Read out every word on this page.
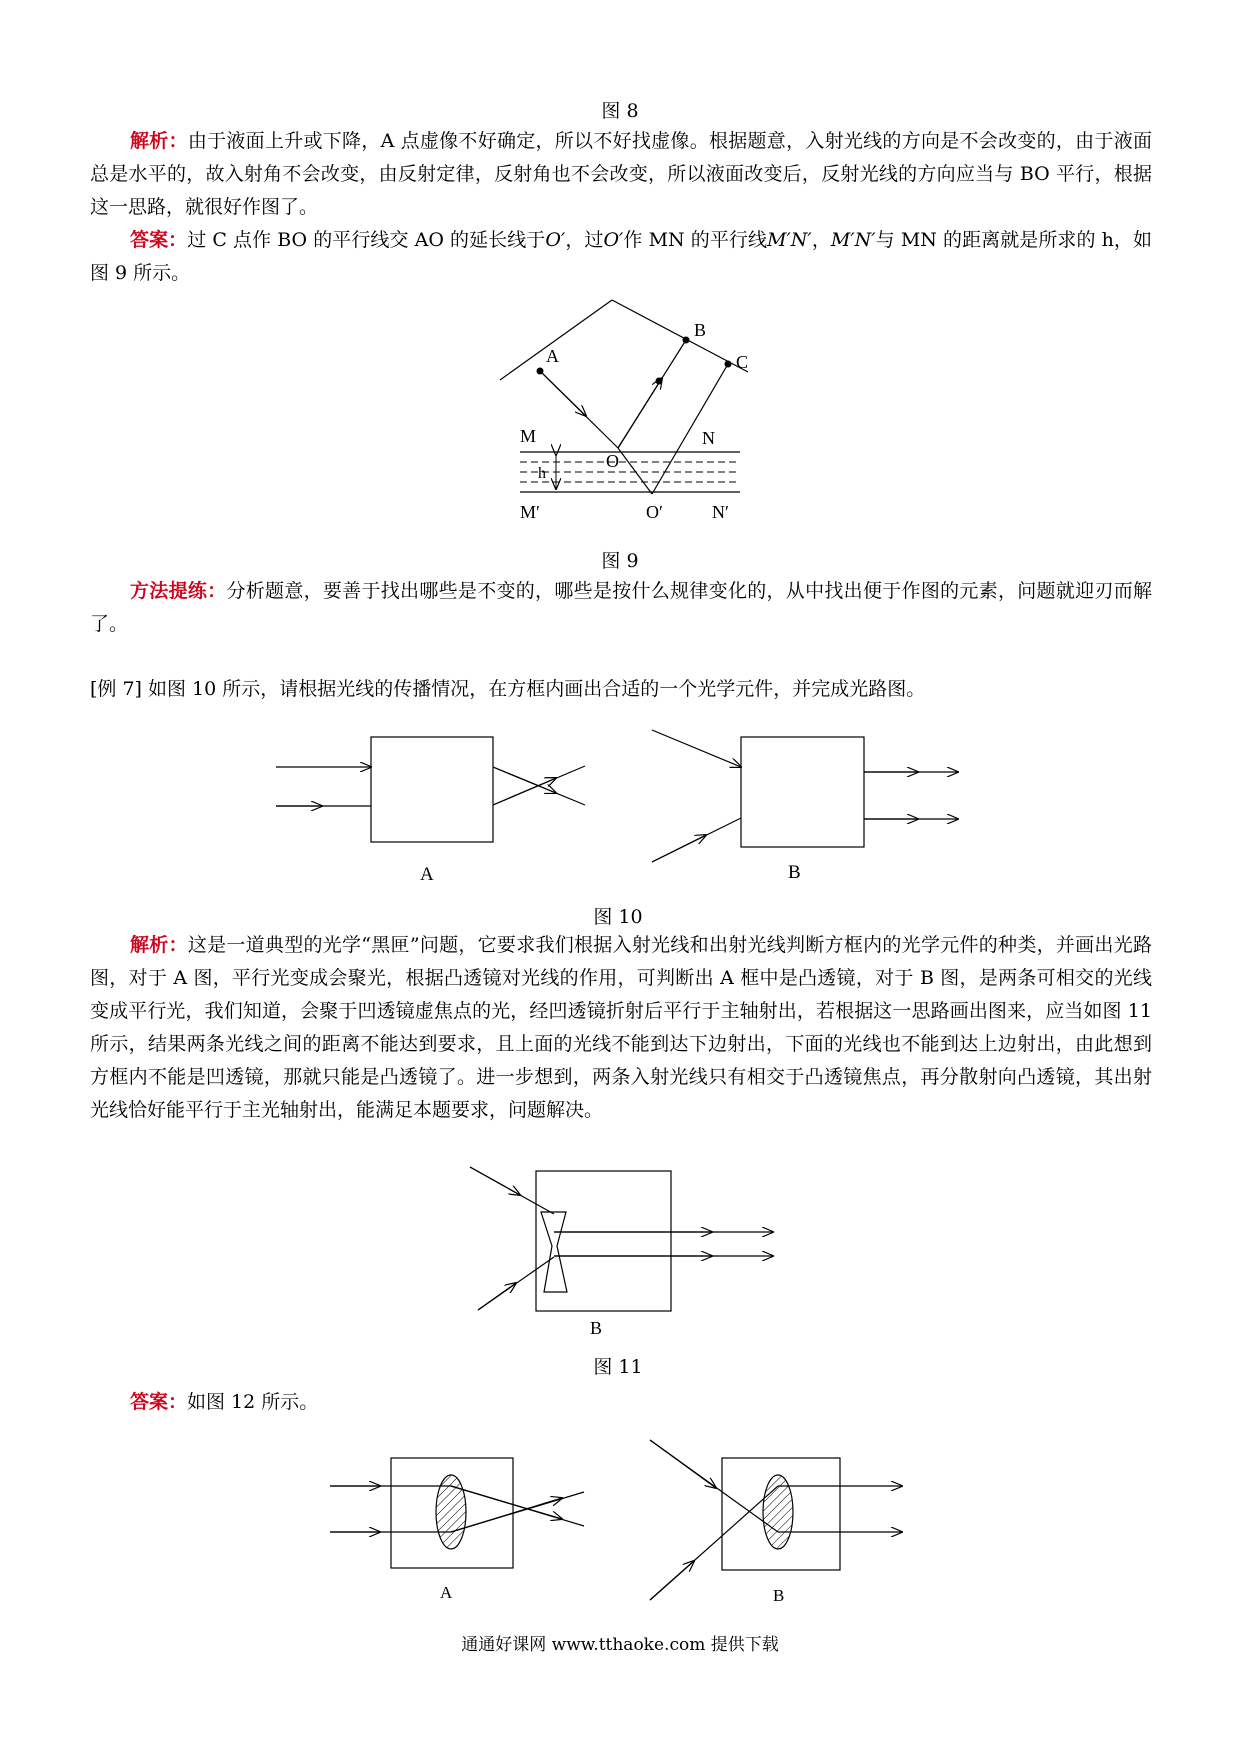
图 8
解析：由于液面上升或下降，A 点虚像不好确定，所以不好找虚像。根据题意，入射光线的方向是不会改变的，由于液面总是水平的，故入射角不会改变，由反射定律，反射角也不会改变，所以液面改变后，反射光线的方向应当与 BO 平行，根据这一思路，就很好作图了。
答案：过 C 点作 BO 的平行线交 AO 的延长线于O′，过O′作 MN 的平行线M′N′，M′N′与 MN 的距离就是所求的 h，如图 9 所示。
A
B
C
M	N
O
h
M′	O′	N′
图 9
方法提练：分析题意，要善于找出哪些是不变的，哪些是按什么规律变化的，从中找出便于作图的元素，问题就迎刃而解了。
[例 7] 如图 10 所示，请根据光线的传播情况，在方框内画出合适的一个光学元件，并完成光路图。
A	B
图 10
解析：这是一道典型的光学“黑匣”问题，它要求我们根据入射光线和出射光线判断方框内的光学元件的种类，并画出光路图，对于 A 图，平行光变成会聚光，根据凸透镜对光线的作用，可判断出 A 框中是凸透镜，对于 B 图，是两条可相交的光线变成平行光，我们知道，会聚于凹透镜虚焦点的光，经凹透镜折射后平行于主轴射出，若根据这一思路画出图来，应当如图 11 所示，结果两条光线之间的距离不能达到要求，且上面的光线不能到达下边射出，下面的光线也不能到达上边射出，由此想到方框内不能是凹透镜，那就只能是凸透镜了。进一步想到，两条入射光线只有相交于凸透镜焦点，再分散射向凸透镜，其出射光线恰好能平行于主光轴射出，能满足本题要求，问题解决。
B
图 11
答案：如图 12 所示。
A	B
通通好课网 www.tthaoke.com 提供下载
